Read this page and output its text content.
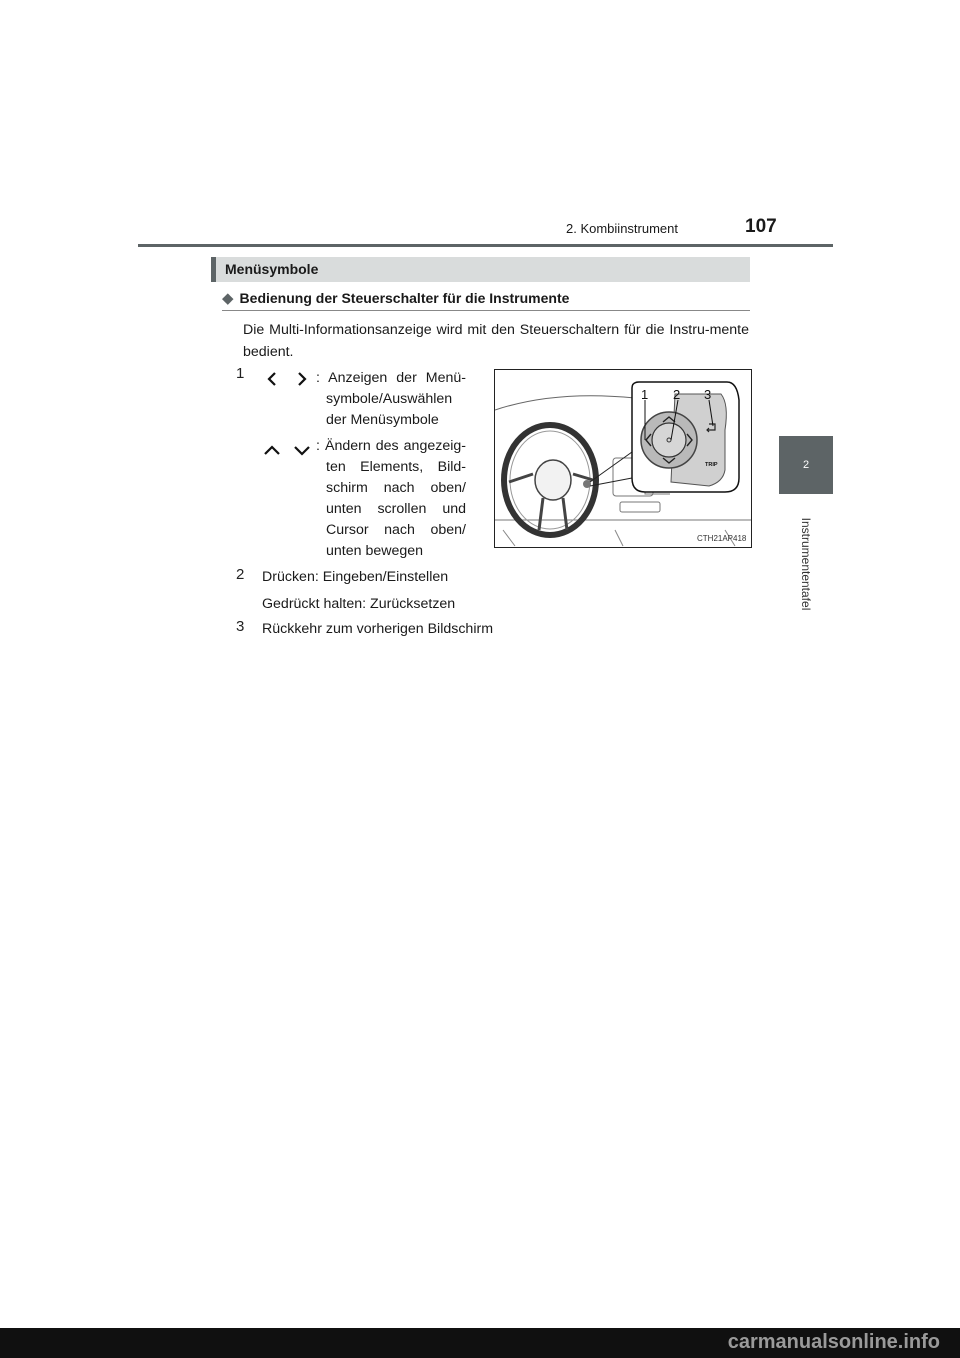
2. Kombiinstrument	107
2
Instrumententafel
Menüsymbole
◆ Bedienung der Steuerschalter für die Instrumente
Die Multi-Informationsanzeige wird mit den Steuerschaltern für die Instru-mente bedient.
1	: Anzeigen der Menü-
symbole/Auswählen
der Menüsymbole
: Ändern des angezeig-
ten Elements, Bild-
schirm nach oben/
unten scrollen und
Cursor nach oben/
unten bewegen
2 Drücken: Eingeben/Einstellen
Gedrückt halten: Zurücksetzen
3 Rückkehr zum vorherigen Bildschirm
TRIP
1 2 3
CTH21AP418
carmanualsonline.info
